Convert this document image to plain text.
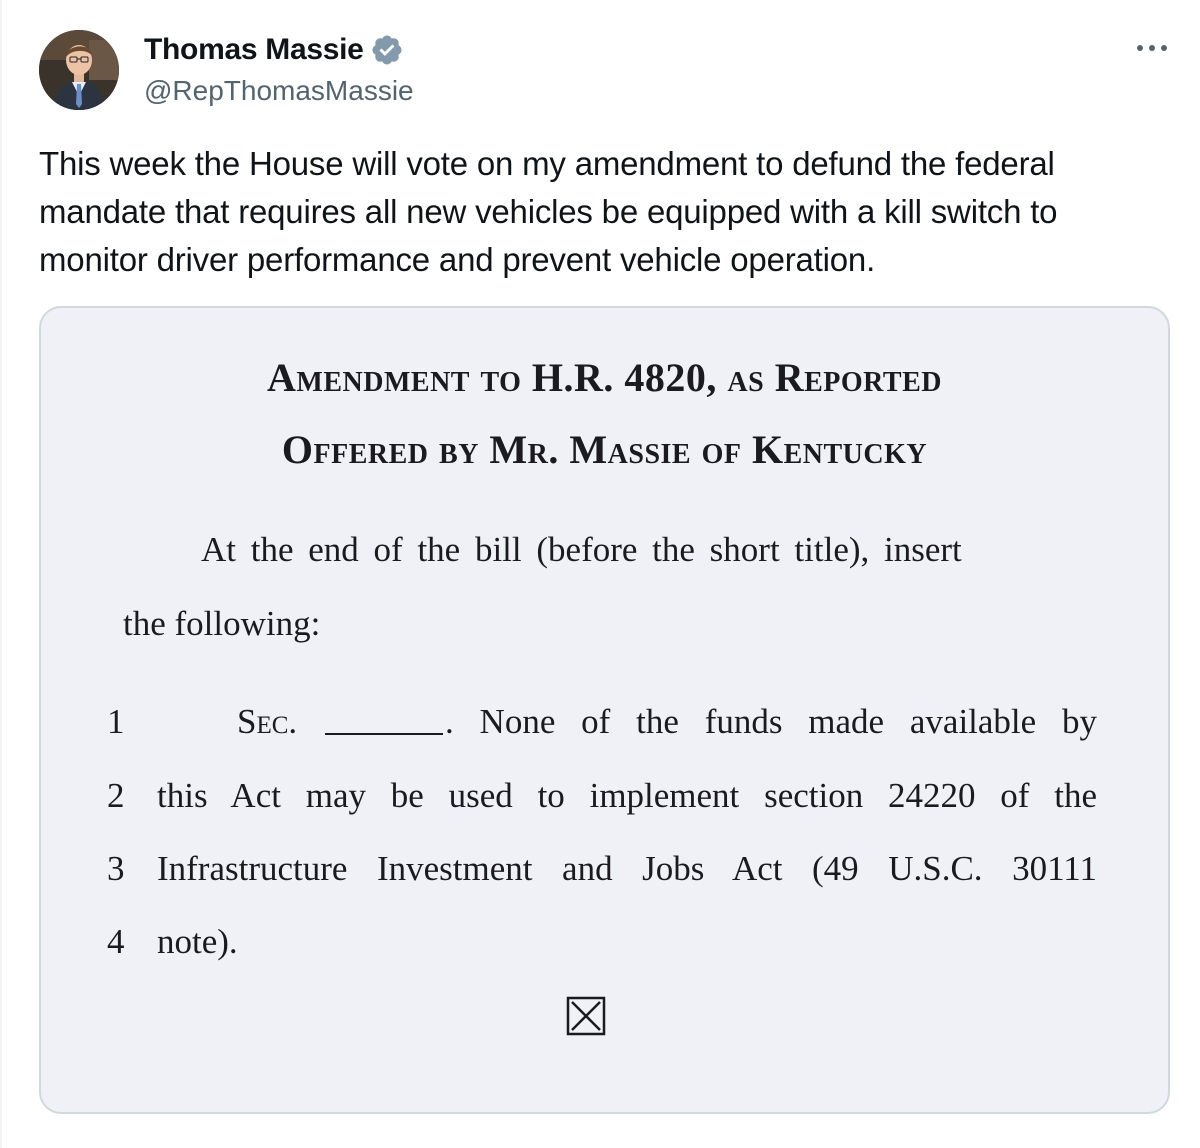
Thomas Massie
@RepThomasMassie
This week the House will vote on my amendment to defund the federal mandate that requires all new vehicles be equipped with a kill switch to monitor driver performance and prevent vehicle operation.
Amendment to H.R. 4820, as Reported
Offered by Mr. Massie of Kentucky
At the end of the bill (before the short title), insert
the following:
1	Sec.	. None of the funds made available by
2 this Act may be used to implement section 24220 of the
3 Infrastructure Investment and Jobs Act (49 U.S.C. 30111
4 note).
